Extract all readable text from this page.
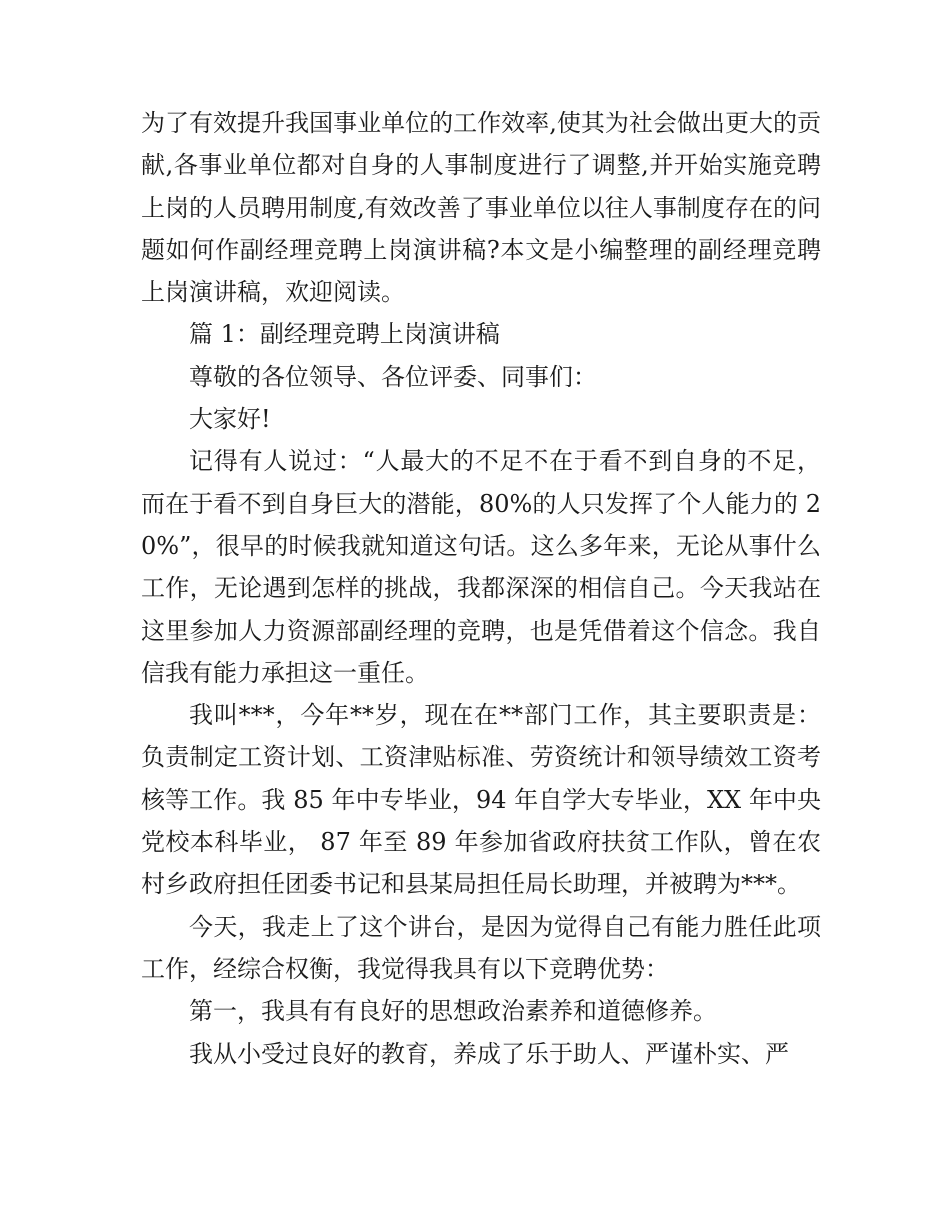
为了有效提升我国事业单位的工作效率,使其为社会做出更大的贡献,各事业单位都对自身的人事制度进行了调整,并开始实施竞聘上岗的人员聘用制度,有效改善了事业单位以往人事制度存在的问题如何作副经理竞聘上岗演讲稿?本文是小编整理的副经理竞聘上岗演讲稿，欢迎阅读。

篇 1：副经理竞聘上岗演讲稿

尊敬的各位领导、各位评委、同事们：

大家好!

记得有人说过：“人最大的不足不在于看不到自身的不足，而在于看不到自身巨大的潜能，80%的人只发挥了个人能力的 20%”，很早的时候我就知道这句话。这么多年来，无论从事什么工作，无论遇到怎样的挑战，我都深深的相信自己。今天我站在这里参加人力资源部副经理的竞聘，也是凭借着这个信念。我自信我有能力承担这一重任。

我叫***，今年**岁，现在在**部门工作，其主要职责是：负责制定工资计划、工资津贴标准、劳资统计和领导绩效工资考核等工作。我 85 年中专毕业，94 年自学大专毕业，XX 年中央党校本科毕业， 87 年至 89 年参加省政府扶贫工作队，曾在农村乡政府担任团委书记和县某局担任局长助理，并被聘为***。

今天，我走上了这个讲台，是因为觉得自己有能力胜任此项工作，经综合权衡，我觉得我具有以下竞聘优势：

第一，我具有有良好的思想政治素养和道德修养。

我从小受过良好的教育，养成了乐于助人、严谨朴实、严
